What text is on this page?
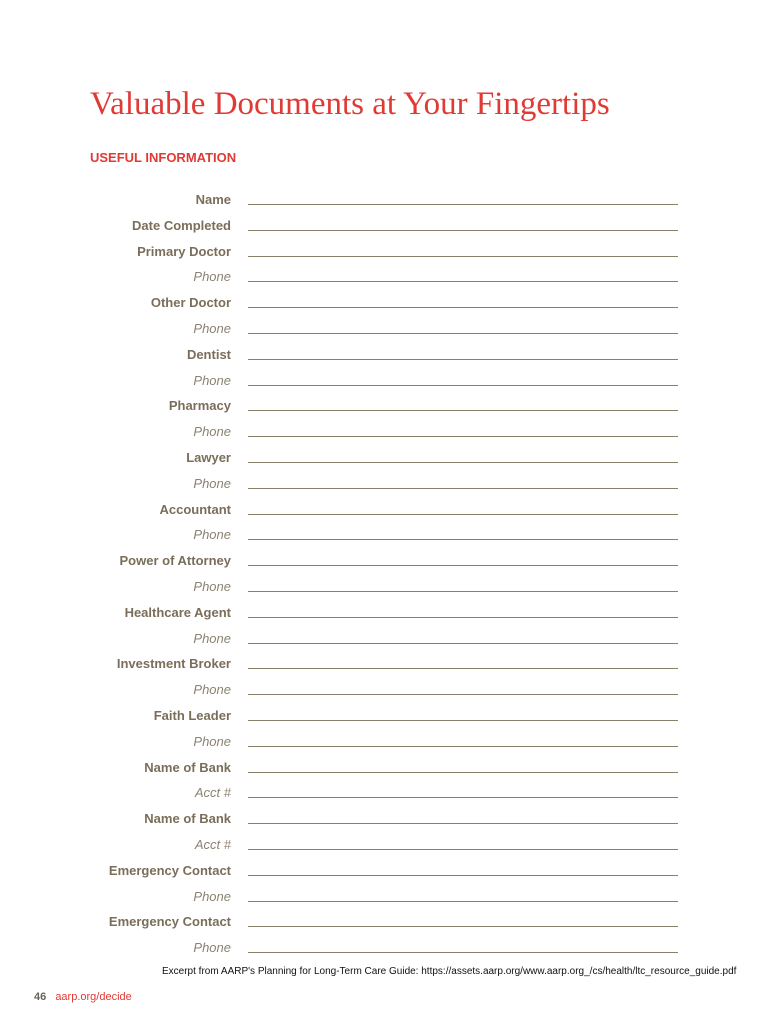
Valuable Documents at Your Fingertips
USEFUL INFORMATION
Name
Date Completed
Primary Doctor
Phone
Other Doctor
Phone
Dentist
Phone
Pharmacy
Phone
Lawyer
Phone
Accountant
Phone
Power of Attorney
Phone
Healthcare Agent
Phone
Investment Broker
Phone
Faith Leader
Phone
Name of Bank
Acct #
Name of Bank
Acct #
Emergency Contact
Phone
Emergency Contact
Phone
Excerpt from AARP's Planning for Long-Term Care Guide: https://assets.aarp.org/www.aarp.org_/cs/health/ltc_resource_guide.pdf
46 aarp.org/decide
